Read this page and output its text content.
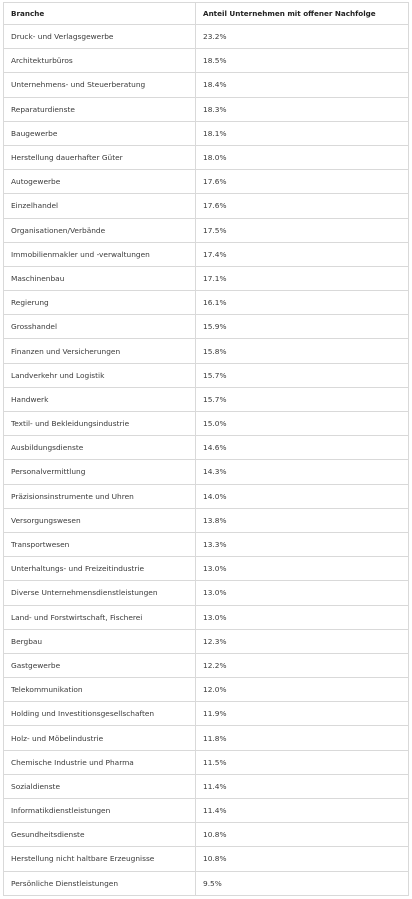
Branche	Anteil Unternehmen mit offener Nachfolge
Druck- und Verlagsgewerbe	23.2%
Architekturbüros	18.5%
Unternehmens- und Steuerberatung	18.4%
Reparaturdienste	18.3%
Baugewerbe	18.1%
Herstellung dauerhafter Güter	18.0%
Autogewerbe	17.6%
Einzelhandel	17.6%
Organisationen/Verbände	17.5%
Immobilienmakler und -verwaltungen	17.4%
Maschinenbau	17.1%
Regierung	16.1%
Grosshandel	15.9%
Finanzen und Versicherungen	15.8%
Landverkehr und Logistik	15.7%
Handwerk	15.7%
Textil- und Bekleidungsindustrie	15.0%
Ausbildungsdienste	14.6%
Personalvermittlung	14.3%
Präzisionsinstrumente und Uhren	14.0%
Versorgungswesen	13.8%
Transportwesen	13.3%
Unterhaltungs- und Freizeitindustrie	13.0%
Diverse Unternehmensdienstleistungen	13.0%
Land- und Forstwirtschaft, Fischerei	13.0%
Bergbau	12.3%
Gastgewerbe	12.2%
Telekommunikation	12.0%
Holding und Investitionsgesellschaften	11.9%
Holz- und Möbelindustrie	11.8%
Chemische Industrie und Pharma	11.5%
Sozialdienste	11.4%
Informatikdienstleistungen	11.4%
Gesundheitsdienste	10.8%
Herstellung nicht haltbare Erzeugnisse	10.8%
Persönliche Dienstleistungen	9.5%
